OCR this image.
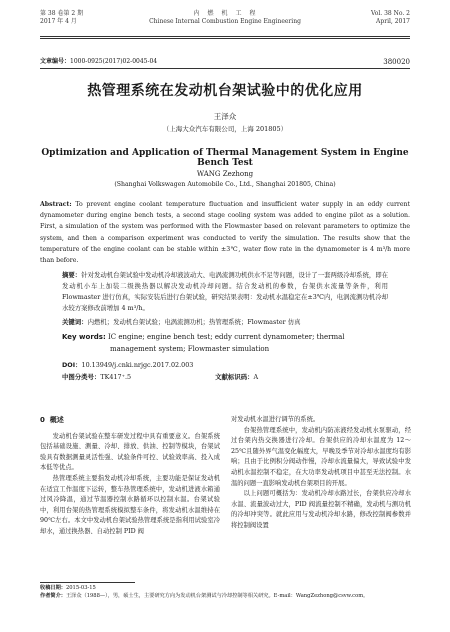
第 38 卷第 2 期
2017 年 4 月
内　燃　机　工　程
Chinese Internal Combustion Engine Engineering
Vol. 38 No. 2
April, 2017
文章编号：1000-0925(2017)02-0045-04	380020
热管理系统在发动机台架试验中的优化应用
王泽众
（上海大众汽车有限公司，上海 201805）
Optimization and Application of Thermal Management System in Engine Bench Test
WANG Zezhong
(Shanghai Volkswagen Automobile Co., Ltd., Shanghai 201805, China)
Abstract: To prevent engine coolant temperature fluctuation and insufficient water supply in an eddy current dynamometer during engine bench tests, a second stage cooling system was added to engine pilot as a solution. First, a simulation of the system was performed with the Flowmaster based on relevant parameters to optimize the system, and then a comparison experiment was conducted to verify the simulation. The results show that the temperature of the engine coolant can be stable within ±3℃, water flow rate in the dynamometer is 4 m³/h more than before.
摘要：针对发动机台架试验中发动机冷却液波动大、电涡流测功机供水不足等问题，设计了一套两级冷却系统，即在发动机小车上加装二级换热器以解决发动机冷却问题。结合发动机的参数，台架供水流量等条件，利用 Flowmaster 进行仿真，实际安装后进行台架试验，研究结果表明：发动机水温稳定在±3℃内，电涡流测功机冷却水较方案修改前增加 4 m³/h。
关键词：内燃机；发动机台架试验；电涡流测功机；热管理系统；Flowmaster 仿真
Key words: IC engine; engine bench test; eddy current dynamometer; thermal
management system; Flowmaster simulation
DOI：10.13949/j.cnki.nrjgc.2017.02.003
中图分类号：TK417⁺.5	文献标识码：A
0 概述

发动机台架试验在整车研发过程中具有重要意义。台架系统包括基础设施、测量、冷却、排放、供油、控制等模块，台架试验具有数据测量灵活性强、试验条件可控、试验效率高、投入成本低等优点。

热管理系统主要指发动机冷却系统，主要功能是保证发动机在适宜工作温度下运转，整车热管理系统中，发动机进液水箱通过风冷降温，通过节温器控制水路循环以控制水温。台架试验中，利用台架的热管理系统模拟整车条件，将发动机水温维持在90℃左右。本文中发动机台架试验热管理系统是指利用试验室冷却水，通过换热器、自动控制 PID 阀

对发动机水温进行调节的系统。

台架热管理系统中，发动机内防冻液经发动机水泵驱动，经过台架内热交换器进行冷却。台架供应的冷却水温度为 12～25℃且随外界气温变化幅度大，早晚及季节对冷却水温度均有影响；且由于比例积分阀动作慢，冷却水流量偏大，导致试验中发动机水温控制不稳定，在大功率发动机项目中甚至无法控制。水温的问题一直影响发动机台架项目的开展。

以上问题可概括为：发动机冷却水路过长，台架供应冷却水水温、流量波动过大，PID 阀流量控制不精确，发动机与测功机的冷却冲突等。就此应用与发动机冷却水路，修改控制阀参数并将控制阀设置

收稿日期：2015-03-15
作者简介：王泽众（1988—），男，硕士生，主要研究方向为发动机台架测试与冷却控制等相关研究。E-mail：WangZezhong@csvw.com。
